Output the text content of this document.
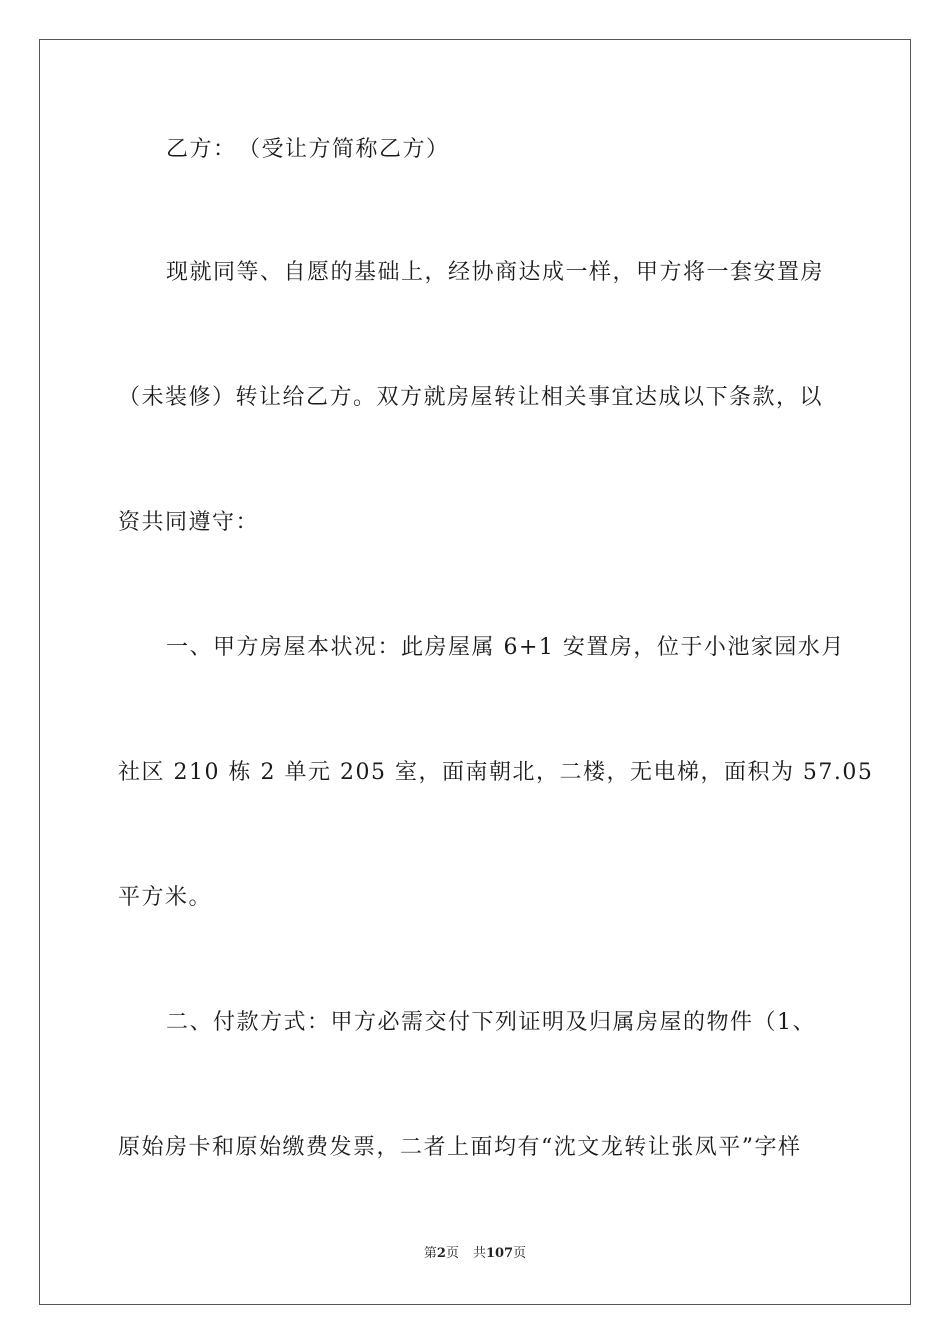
乙方：　（受让方简称乙方）
现就同等、自愿的基础上，经协商达成一样，甲方将一套安置房
（未装修）转让给乙方。双方就房屋转让相关事宜达成以下条款，以
资共同遵守：
一、甲方房屋本状况：此房屋属 6+1 安置房，位于小池家园水月
社区 210 栋 2 单元 205 室，面南朝北，二楼，无电梯，面积为 57.05
平方米。
二、付款方式：甲方必需交付下列证明及归属房屋的物件（1、
原始房卡和原始缴费发票，二者上面均有“沈文龙转让张凤平”字样
第2页 共107页
